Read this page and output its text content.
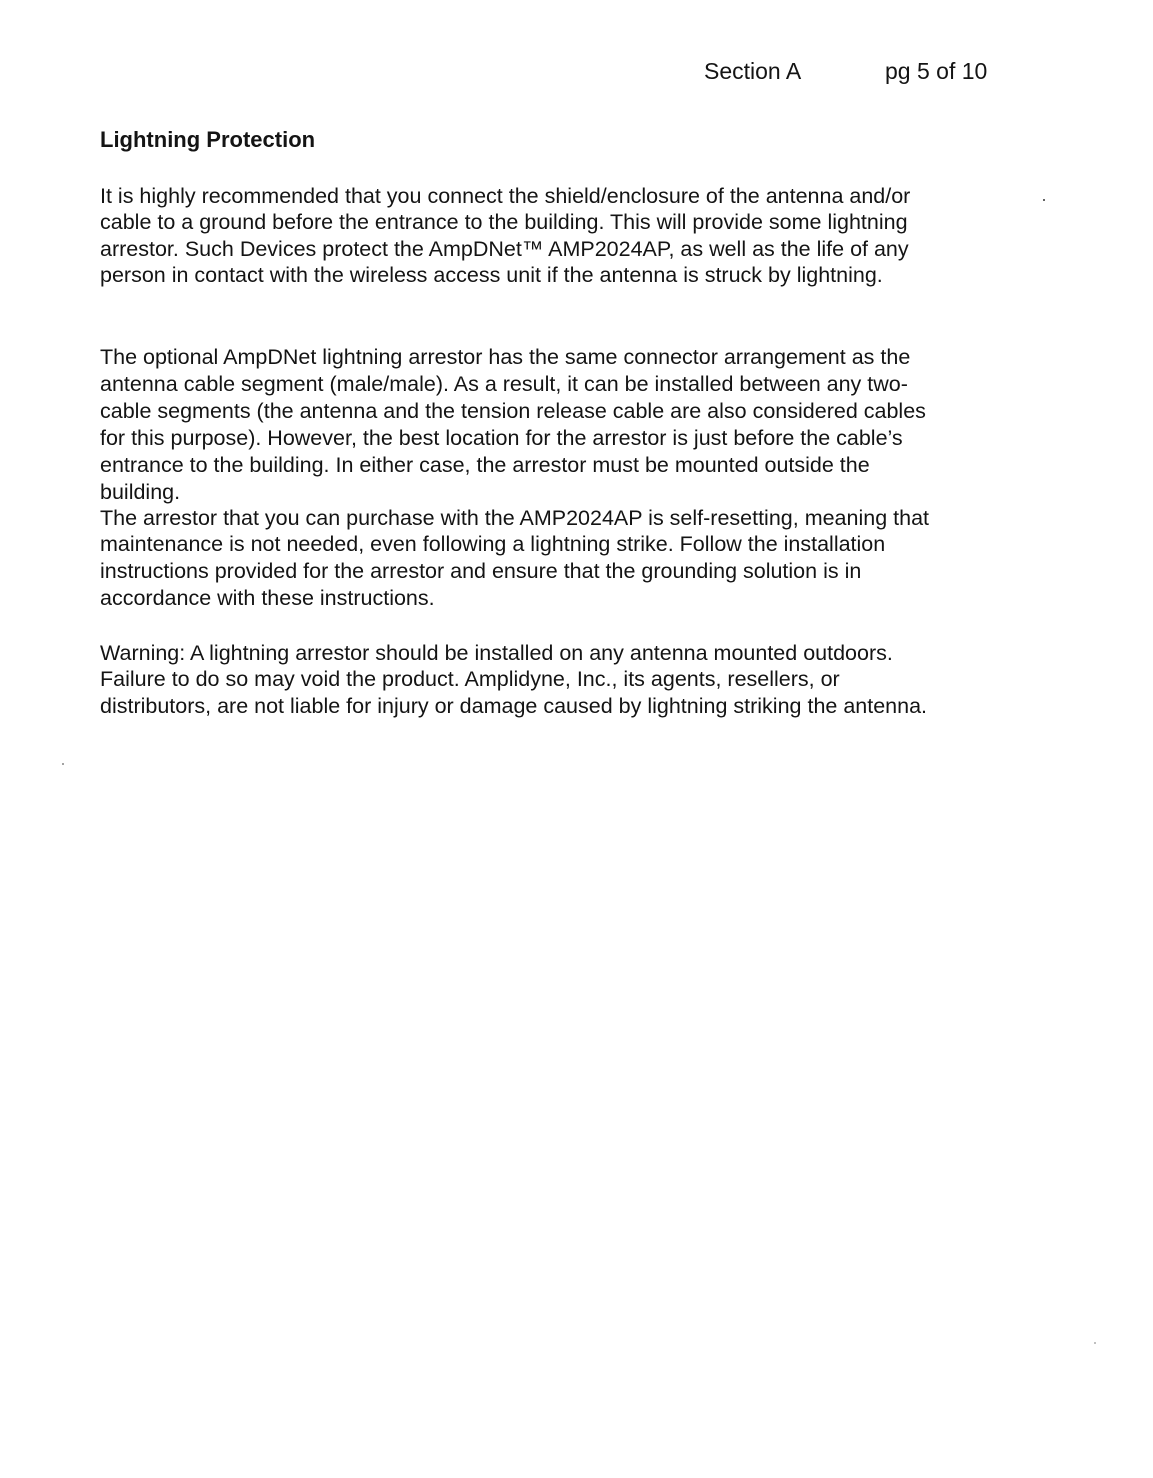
Section A	pg 5 of 10
Lightning Protection
It is highly recommended that you connect the shield/enclosure of the antenna and/or
cable to a ground before the entrance to the building. This will provide some lightning
arrestor. Such Devices protect the AmpDNet™ AMP2024AP, as well as the life of any
person in contact with the wireless access unit if the antenna is struck by lightning.
The optional AmpDNet lightning arrestor has the same connector arrangement as the
antenna cable segment (male/male). As a result, it can be installed between any two-
cable segments (the antenna and the tension release cable are also considered cables
for this purpose). However, the best location for the arrestor is just before the cable’s
entrance to the building. In either case, the arrestor must be mounted outside the
building.
The arrestor that you can purchase with the AMP2024AP is self-resetting, meaning that
maintenance is not needed, even following a lightning strike. Follow the installation
instructions provided for the arrestor and ensure that the grounding solution is in
accordance with these instructions.
Warning: A lightning arrestor should be installed on any antenna mounted outdoors.
Failure to do so may void the product. Amplidyne, Inc., its agents, resellers, or
distributors, are not liable for injury or damage caused by lightning striking the antenna.
